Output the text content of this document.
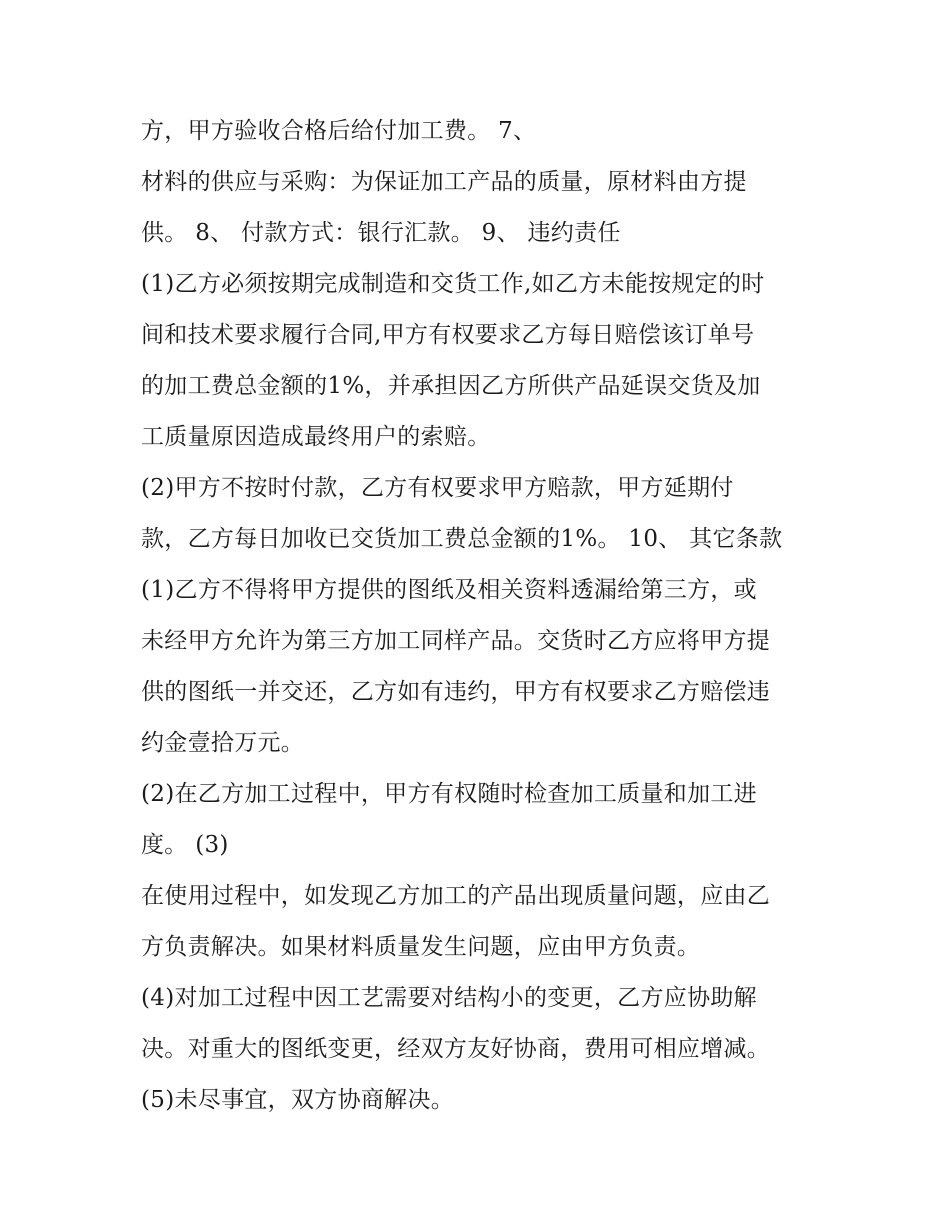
方，甲方验收合格后给付加工费。 7、
材料的供应与采购：为保证加工产品的质量，原材料由方提
供。 8、 付款方式：银行汇款。 9、 违约责任
(1)乙方必须按期完成制造和交货工作,如乙方未能按规定的时
间和技术要求履行合同,甲方有权要求乙方每日赔偿该订单号
的加工费总金额的1%，并承担因乙方所供产品延误交货及加
工质量原因造成最终用户的索赔。
(2)甲方不按时付款，乙方有权要求甲方赔款，甲方延期付
款，乙方每日加收已交货加工费总金额的1%。 10、 其它条款
(1)乙方不得将甲方提供的图纸及相关资料透漏给第三方，或
未经甲方允许为第三方加工同样产品。交货时乙方应将甲方提
供的图纸一并交还，乙方如有违约，甲方有权要求乙方赔偿违
约金壹拾万元。
(2)在乙方加工过程中，甲方有权随时检查加工质量和加工进
度。 (3)
在使用过程中，如发现乙方加工的产品出现质量问题，应由乙
方负责解决。如果材料质量发生问题，应由甲方负责。
(4)对加工过程中因工艺需要对结构小的变更，乙方应协助解
决。对重大的图纸变更，经双方友好协商，费用可相应增减。
(5)未尽事宜，双方协商解决。
